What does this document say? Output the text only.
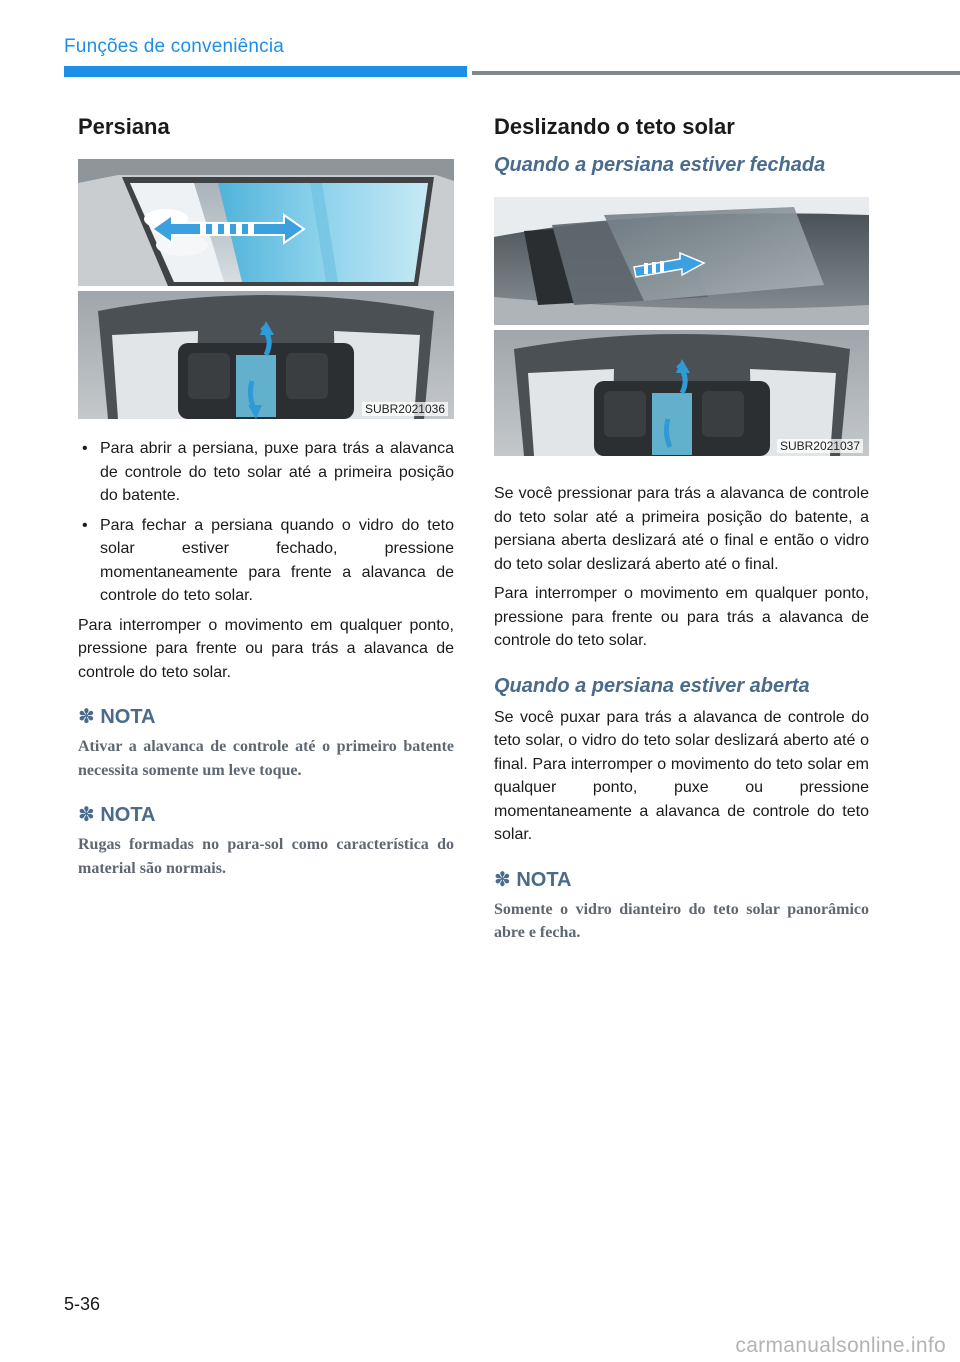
Funções de conveniência
Persiana
SUBR2021036
• Para abrir a persiana, puxe para trás a alavanca de controle do teto solar até a primeira posição do batente.
• Para fechar a persiana quando o vidro do teto solar estiver fechado, pressione momentaneamente para frente a alavanca de controle do teto solar.

Para interromper o movimento em qualquer ponto, pressione para frente ou para trás a alavanca de controle do teto solar.

✽ NOTA
Ativar a alavanca de controle até o primeiro batente necessita somente um leve toque.
✽ NOTA
Rugas formadas no para-sol como característica do material são normais.
Deslizando o teto solar
Quando a persiana estiver fechada
SUBR2021037

Se você pressionar para trás a alavanca de controle do teto solar até a primeira posição do batente, a persiana aberta deslizará até o final e então o vidro do teto solar deslizará aberto até o final.

Para interromper o movimento em qualquer ponto, pressione para frente ou para trás a alavanca de controle do teto solar.

Quando a persiana estiver aberta

Se você puxar para trás a alavanca de controle do teto solar, o vidro do teto solar deslizará aberto até o final. Para interromper o movimento do teto solar em qualquer ponto, puxe ou pressione momentaneamente a alavanca de controle do teto solar.

✽ NOTA
Somente o vidro dianteiro do teto solar panorâmico abre e fecha.
5-36
carmanualsonline.info
